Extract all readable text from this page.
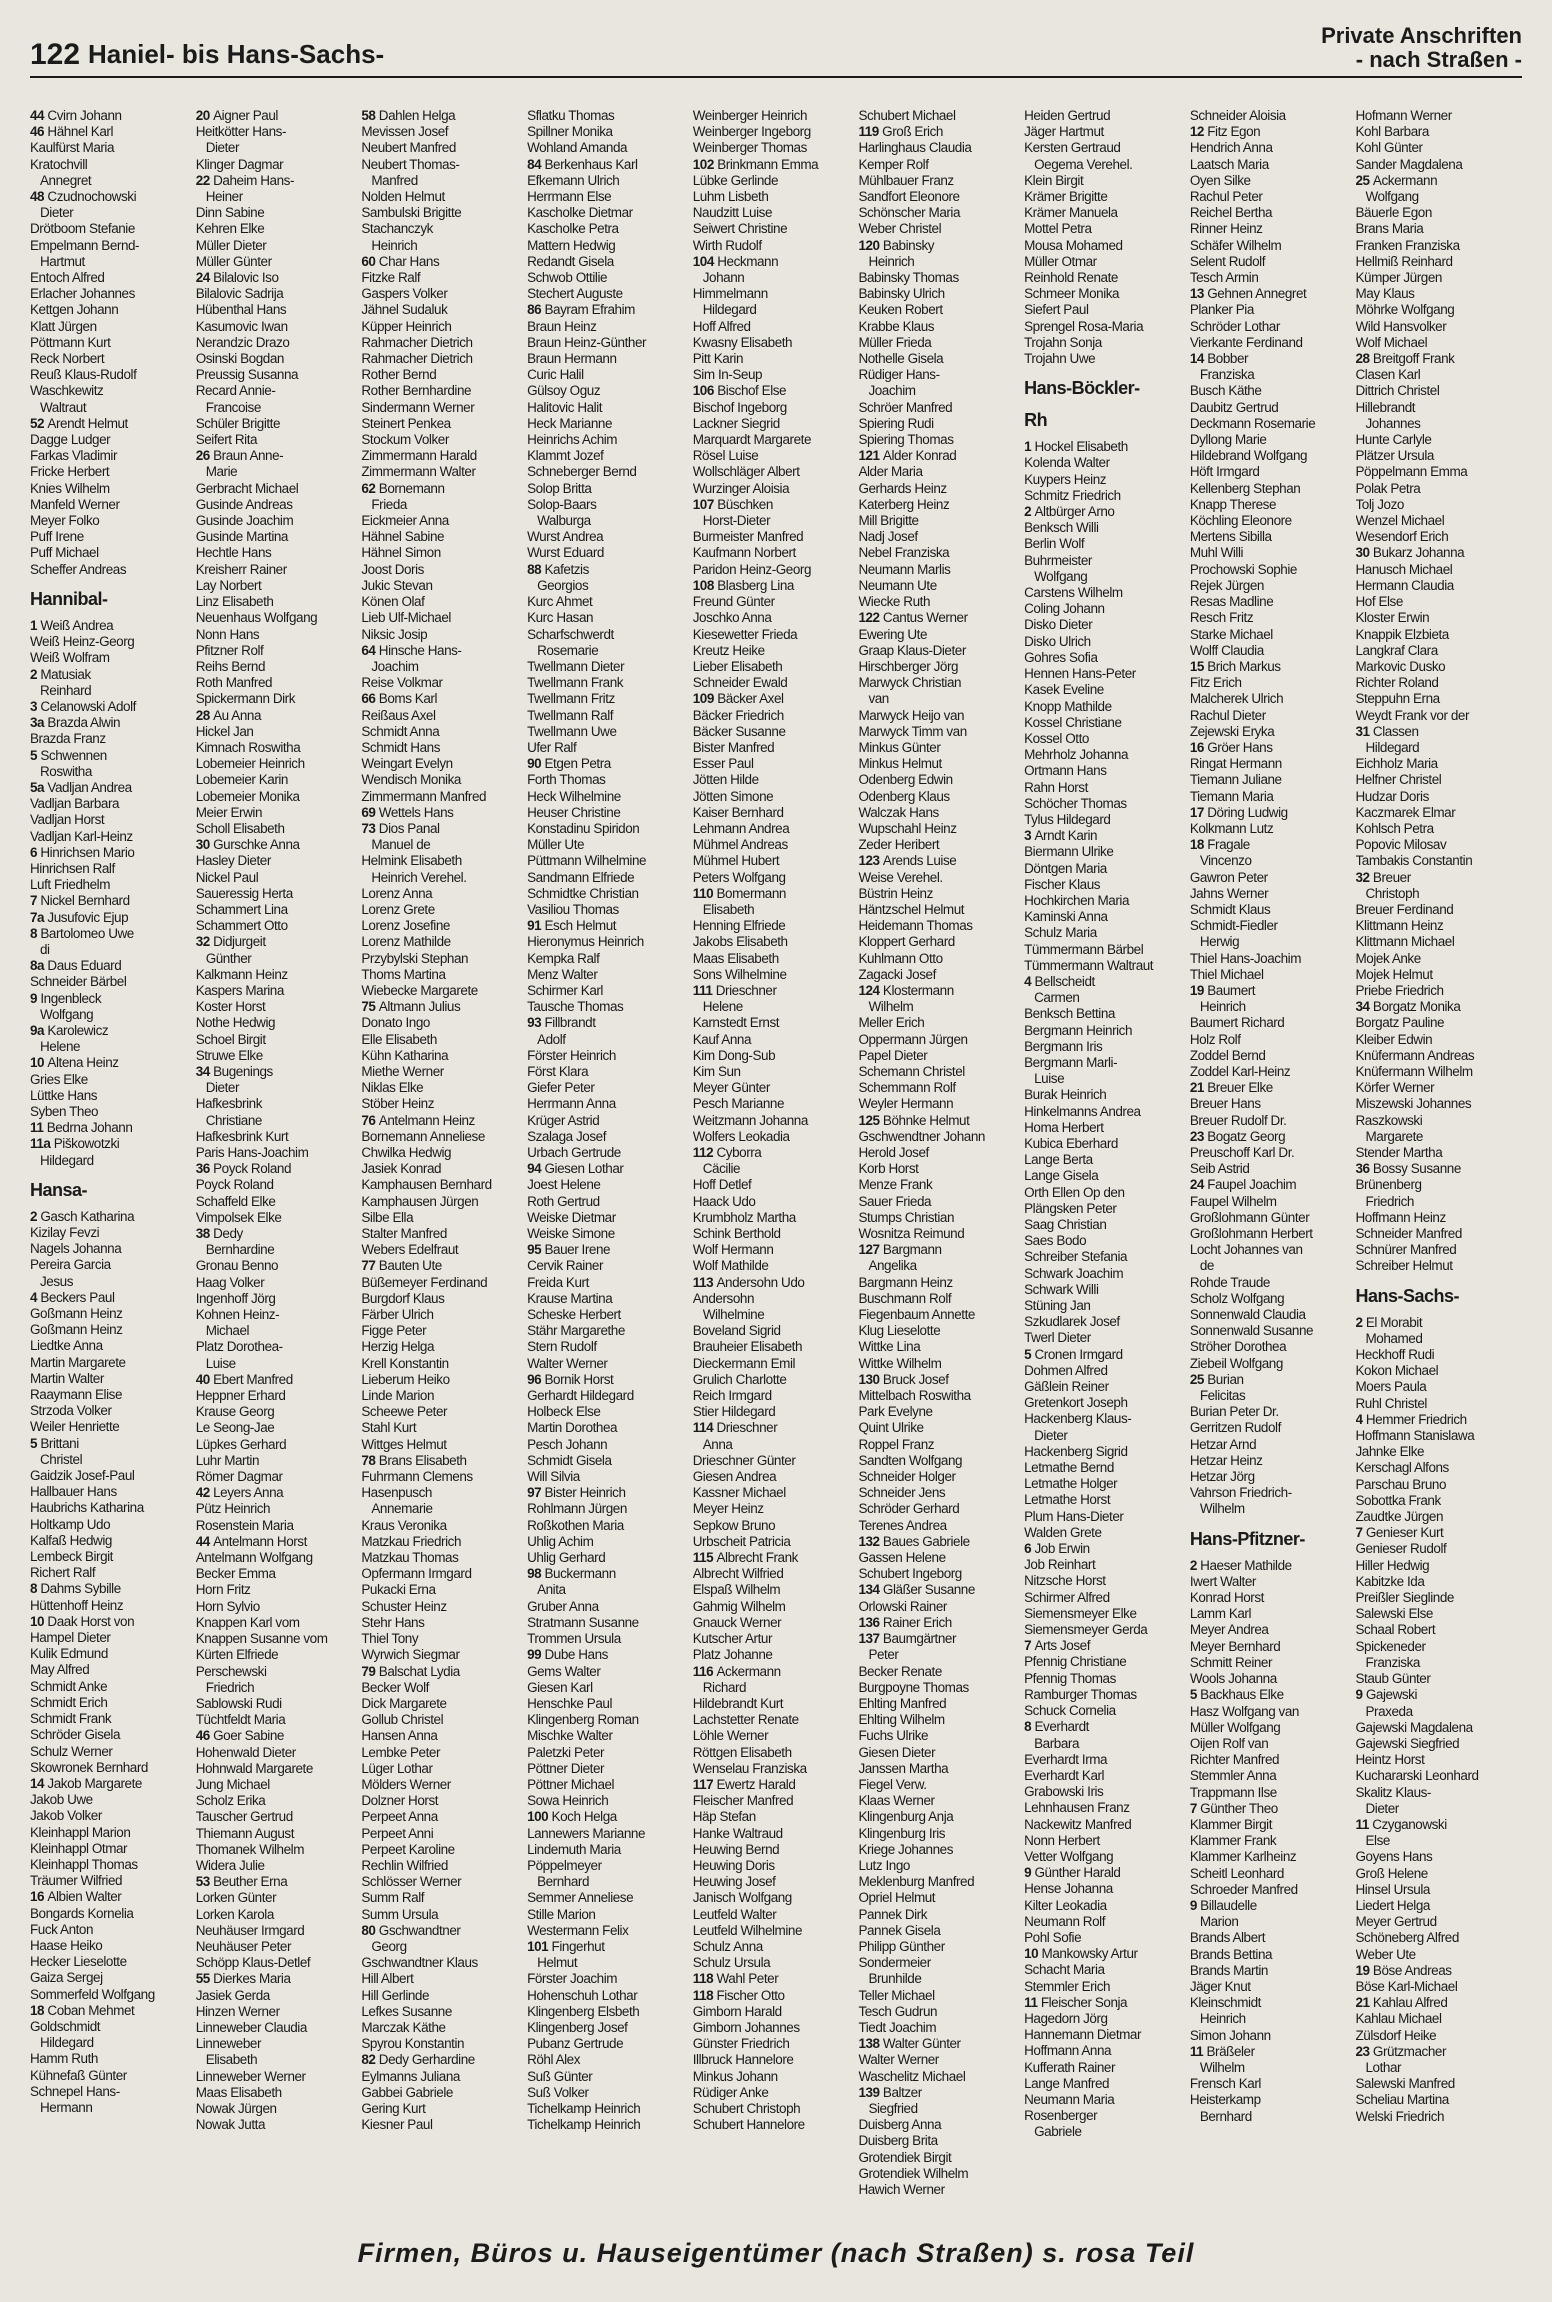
122 Haniel- bis Hans-Sachs-
Private Anschriften
- nach Straßen -
44 Cvirn Johann
46 Hähnel Karl
Kaulfürst Maria
Kratochvill
Annegret
48 Czudnochowski
Dieter
Drötboom Stefanie
Empelmann Bernd-
Hartmut
Entoch Alfred
Erlacher Johannes
Kettgen Johann
Klatt Jürgen
Pöttmann Kurt
Reck Norbert
Reuß Klaus-Rudolf
Waschkewitz
Waltraut
52 Arendt Helmut
Dagge Ludger
Farkas Vladimir
Fricke Herbert
Knies Wilhelm
Manfeld Werner
Meyer Folko
Puff Irene
Puff Michael
Scheffer Andreas
Hannibal-
1 Weiß Andrea
Weiß Heinz-Georg
Weiß Wolfram
2 Matusiak
Reinhard
3 Celanowski Adolf
3a Brazda Alwin
Brazda Franz
5 Schwennen
Roswitha
5a Vadljan Andrea
Vadljan Barbara
Vadljan Horst
Vadljan Karl-Heinz
6 Hinrichsen Mario
Hinrichsen Ralf
Luft Friedhelm
7 Nickel Bernhard
7a Jusufovic Ejup
8 Bartolomeo Uwe
di
8a Daus Eduard
Schneider Bärbel
9 Ingenbleck
Wolfgang
9a Karolewicz
Helene
10 Altena Heinz
Gries Elke
Lüttke Hans
Syben Theo
11 Bedrna Johann
11a Piškowotzki
Hildegard
Hansa-
2 Gasch Katharina
Kizilay Fevzi
Nagels Johanna
Pereira Garcia
Jesus
4 Beckers Paul
Goßmann Heinz
Goßmann Heinz
Liedtke Anna
Martin Margarete
Martin Walter
Raaymann Elise
Strzoda Volker
Weiler Henriette
5 Brittani
Christel
Gaidzik Josef-Paul
Hallbauer Hans
Haubrichs Katharina
Holtkamp Udo
Kalfaß Hedwig
Lembeck Birgit
Richert Ralf
8 Dahms Sybille
Hüttenhoff Heinz
10 Daak Horst von
Hampel Dieter
Kulik Edmund
May Alfred
Schmidt Anke
Schmidt Erich
Schmidt Frank
Schröder Gisela
Schulz Werner
Skowronek Bernhard
14 Jakob Margarete
Jakob Uwe
Jakob Volker
Kleinhappl Marion
Kleinhappl Otmar
Kleinhappl Thomas
Träumer Wilfried
16 Albien Walter
Bongards Kornelia
Fuck Anton
Haase Heiko
Hecker Lieselotte
Gaiza Sergej
Sommerfeld Wolfgang
18 Coban Mehmet
Goldschmidt
Hildegard
Hamm Ruth
Kühnefaß Günter
Schnepel Hans-
Hermann
20 Aigner Paul
Heitkötter Hans-
Dieter
Klinger Dagmar
22 Daheim Hans-
Heiner
Dinn Sabine
Kehren Elke
Müller Dieter
Müller Günter
24 Bilalovic Iso
Bilalovic Sadrija
Hübenthal Hans
Kasumovic Iwan
Nerandzic Drazo
Osinski Bogdan
Preussig Susanna
Recard Annie-
Francoise
Schüler Brigitte
Seifert Rita
26 Braun Anne-
Marie
Gerbracht Michael
Gusinde Andreas
Gusinde Joachim
Gusinde Martina
Hechtle Hans
Kreisherr Rainer
Lay Norbert
Linz Elisabeth
Neuenhaus Wolfgang
Nonn Hans
Pfitzner Rolf
Reihs Bernd
Roth Manfred
Spickermann Dirk
28 Au Anna
Hickel Jan
Kimnach Roswitha
Lobemeier Heinrich
Lobemeier Karin
Lobemeier Monika
Meier Erwin
Scholl Elisabeth
30 Gurschke Anna
Hasley Dieter
Nickel Paul
Saueressig Herta
Schammert Lina
Schammert Otto
32 Didjurgeit
Günther
Kalkmann Heinz
Kaspers Marina
Koster Horst
Nothe Hedwig
Schoel Birgit
Struwe Elke
34 Bugenings
Dieter
Hafkesbrink
Christiane
Hafkesbrink Kurt
Paris Hans-Joachim
36 Poyck Roland
Poyck Roland
Schaffeld Elke
Vimpolsek Elke
38 Dedy
Bernhardine
Gronau Benno
Haag Volker
Ingenhoff Jörg
Kohnen Heinz-
Michael
Platz Dorothea-
Luise
40 Ebert Manfred
Heppner Erhard
Krause Georg
Le Seong-Jae
Lüpkes Gerhard
Luhr Martin
Römer Dagmar
42 Leyers Anna
Pütz Heinrich
Rosenstein Maria
44 Antelmann Horst
Antelmann Wolfgang
Becker Emma
Horn Fritz
Horn Sylvio
Knappen Karl vom
Knappen Susanne vom
Kürten Elfriede
Perschewski
Friedrich
Sablowski Rudi
Tüchtfeldt Maria
46 Goer Sabine
Hohenwald Dieter
Hohnwald Margarete
Jung Michael
Scholz Erika
Tauscher Gertrud
Thiemann August
Thomanek Wilhelm
Widera Julie
53 Beuther Erna
Lorken Günter
Lorken Karola
Neuhäuser Irmgard
Neuhäuser Peter
Schöpp Klaus-Detlef
55 Dierkes Maria
Jasiek Gerda
Hinzen Werner
Linneweber Claudia
Linneweber
Elisabeth
Linneweber Werner
Maas Elisabeth
Nowak Jürgen
Nowak Jutta
58 Dahlen Helga
Mevissen Josef
Neubert Manfred
Neubert Thomas-
Manfred
Nolden Helmut
Sambulski Brigitte
Stachanczyk
Heinrich
60 Char Hans
Fitzke Ralf
Gaspers Volker
Jähnel Sudaluk
Küpper Heinrich
Rahmacher Dietrich
Rahmacher Dietrich
Rother Bernd
Rother Bernhardine
Sindermann Werner
Steinert Penkea
Stockum Volker
Zimmermann Harald
Zimmermann Walter
62 Bornemann
Frieda
Eickmeier Anna
Hähnel Sabine
Hähnel Simon
Joost Doris
Jukic Stevan
Könen Olaf
Lieb Ulf-Michael
Niksic Josip
64 Hinsche Hans-
Joachim
Reise Volkmar
66 Boms Karl
Reißaus Axel
Schmidt Anna
Schmidt Hans
Weingart Evelyn
Wendisch Monika
Zimmermann Manfred
69 Wettels Hans
73 Dios Panal
Manuel de
Helmink Elisabeth
Heinrich Verehel.
Lorenz Anna
Lorenz Grete
Lorenz Josefine
Lorenz Mathilde
Przybylski Stephan
Thoms Martina
Wiebecke Margarete
75 Altmann Julius
Donato Ingo
Elle Elisabeth
Kühn Katharina
Miethe Werner
Niklas Elke
Stöber Heinz
76 Antelmann Heinz
Bornemann Anneliese
Chwilka Hedwig
Jasiek Konrad
Kamphausen Bernhard
Kamphausen Jürgen
Silbe Ella
Stalter Manfred
Webers Edelfraut
77 Bauten Ute
Büßemeyer Ferdinand
Burgdorf Klaus
Färber Ulrich
Figge Peter
Herzig Helga
Krell Konstantin
Lieberum Heiko
Linde Marion
Scheewe Peter
Stahl Kurt
Wittges Helmut
78 Brans Elisabeth
Fuhrmann Clemens
Hasenpusch
Annemarie
Kraus Veronika
Matzkau Friedrich
Matzkau Thomas
Opfermann Irmgard
Pukacki Erna
Schuster Heinz
Stehr Hans
Thiel Tony
Wyrwich Siegmar
79 Balschat Lydia
Becker Wolf
Dick Margarete
Gollub Christel
Hansen Anna
Lembke Peter
Lüger Lothar
Mölders Werner
Dolzner Horst
Perpeet Anna
Perpeet Anni
Perpeet Karoline
Rechlin Wilfried
Schlösser Werner
Summ Ralf
Summ Ursula
80 Gschwandtner
Georg
Gschwandtner Klaus
Hill Albert
Hill Gerlinde
Lefkes Susanne
Marczak Käthe
Spyrou Konstantin
82 Dedy Gerhardine
Eylmanns Juliana
Gabbei Gabriele
Gering Kurt
Kiesner Paul
Sflatku Thomas
Spillner Monika
Wohland Amanda
84 Berkenhaus Karl
Efkemann Ulrich
Herrmann Else
Kascholke Dietmar
Kascholke Petra
Mattern Hedwig
Redandt Gisela
Schwob Ottilie
Stechert Auguste
86 Bayram Efrahim
Braun Heinz
Braun Heinz-Günther
Braun Hermann
Curic Halil
Gülsoy Oguz
Halitovic Halit
Heck Marianne
Heinrichs Achim
Klammt Jozef
Schneberger Bernd
Solop Britta
Solop-Baars
Walburga
Wurst Andrea
Wurst Eduard
88 Kafetzis
Georgios
Kurc Ahmet
Kurc Hasan
Scharfschwerdt
Rosemarie
Twellmann Dieter
Twellmann Frank
Twellmann Fritz
Twellmann Ralf
Twellmann Uwe
Ufer Ralf
90 Etgen Petra
Forth Thomas
Heck Wilhelmine
Heuser Christine
Konstadinu Spiridon
Müller Ute
Püttmann Wilhelmine
Sandmann Elfriede
Schmidtke Christian
Vasiliou Thomas
91 Esch Helmut
Hieronymus Heinrich
Kempka Ralf
Menz Walter
Schirmer Karl
Tausche Thomas
93 Fillbrandt
Adolf
Förster Heinrich
Först Klara
Giefer Peter
Herrmann Anna
Krüger Astrid
Szalaga Josef
Urbach Gertrude
94 Giesen Lothar
Joest Helene
Roth Gertrud
Weiske Dietmar
Weiske Simone
95 Bauer Irene
Cervik Rainer
Freida Kurt
Krause Martina
Scheske Herbert
Stähr Margarethe
Stern Rudolf
Walter Werner
96 Bornik Horst
Gerhardt Hildegard
Holbeck Else
Martin Dorothea
Pesch Johann
Schmidt Gisela
Will Silvia
97 Bister Heinrich
Rohlmann Jürgen
Roßkothen Maria
Uhlig Achim
Uhlig Gerhard
98 Buckermann
Anita
Gruber Anna
Stratmann Susanne
Trommen Ursula
99 Dube Hans
Gems Walter
Giesen Karl
Henschke Paul
Klingenberg Roman
Mischke Walter
Paletzki Peter
Pöttner Dieter
Pöttner Michael
Sowa Heinrich
100 Koch Helga
Lannewers Marianne
Lindemuth Maria
Pöppelmeyer
Bernhard
Semmer Anneliese
Stille Marion
Westermann Felix
101 Fingerhut
Helmut
Förster Joachim
Hohenschuh Lothar
Klingenberg Elsbeth
Klingenberg Josef
Pubanz Gertrude
Röhl Alex
Suß Günter
Suß Volker
Tichelkamp Heinrich
Tichelkamp Heinrich
Weinberger Heinrich
Weinberger Ingeborg
Weinberger Thomas
102 Brinkmann Emma
Lübke Gerlinde
Luhm Lisbeth
Naudzitt Luise
Seiwert Christine
Wirth Rudolf
104 Heckmann
Johann
Himmelmann
Hildegard
Hoff Alfred
Kwasny Elisabeth
Pitt Karin
Sim In-Seup
106 Bischof Else
Bischof Ingeborg
Lackner Siegrid
Marquardt Margarete
Rösel Luise
Wollschläger Albert
Wurzinger Aloisia
107 Büschken
Horst-Dieter
Burmeister Manfred
Kaufmann Norbert
Paridon Heinz-Georg
108 Blasberg Lina
Freund Günter
Joschko Anna
Kiesewetter Frieda
Kreutz Heike
Lieber Elisabeth
Schneider Ewald
109 Bäcker Axel
Bäcker Friedrich
Bäcker Susanne
Bister Manfred
Esser Paul
Jötten Hilde
Jötten Simone
Kaiser Bernhard
Lehmann Andrea
Mühmel Andreas
Mühmel Hubert
Peters Wolfgang
110 Bomermann
Elisabeth
Henning Elfriede
Jakobs Elisabeth
Maas Elisabeth
Sons Wilhelmine
111 Drieschner
Helene
Karnstedt Ernst
Kauf Anna
Kim Dong-Sub
Kim Sun
Meyer Günter
Pesch Marianne
Weitzmann Johanna
Wolfers Leokadia
112 Cyborra
Cäcilie
Hoff Detlef
Haack Udo
Krumbholz Martha
Schink Berthold
Wolf Hermann
Wolf Mathilde
113 Andersohn Udo
Andersohn
Wilhelmine
Boveland Sigrid
Brauheier Elisabeth
Dieckermann Emil
Grulich Charlotte
Reich Irmgard
Stier Hildegard
114 Drieschner
Anna
Drieschner Günter
Giesen Andrea
Kassner Michael
Meyer Heinz
Sepkow Bruno
Urbscheit Patricia
115 Albrecht Frank
Albrecht Wilfried
Elspaß Wilhelm
Gahmig Wilhelm
Gnauck Werner
Kutscher Artur
Platz Johanne
116 Ackermann
Richard
Hildebrandt Kurt
Lachstetter Renate
Löhle Werner
Röttgen Elisabeth
Wenselau Franziska
117 Ewertz Harald
Fleischer Manfred
Häp Stefan
Hanke Waltraud
Heuwing Bernd
Heuwing Doris
Heuwing Josef
Janisch Wolfgang
Leutfeld Walter
Leutfeld Wilhelmine
Schulz Anna
Schulz Ursula
118 Wahl Peter
118 Fischer Otto
Gimborn Harald
Gimborn Johannes
Günster Friedrich
Illbruck Hannelore
Minkus Johann
Rüdiger Anke
Schubert Christoph
Schubert Hannelore
Schubert Michael
119 Groß Erich
Harlinghaus Claudia
Kemper Rolf
Mühlbauer Franz
Sandfort Eleonore
Schönscher Maria
Weber Christel
120 Babinsky
Heinrich
Babinsky Thomas
Babinsky Ulrich
Keuken Robert
Krabbe Klaus
Müller Frieda
Nothelle Gisela
Rüdiger Hans-
Joachim
Schröer Manfred
Spiering Rudi
Spiering Thomas
121 Alder Konrad
Alder Maria
Gerhards Heinz
Katerberg Heinz
Mill Brigitte
Nadj Josef
Nebel Franziska
Neumann Marlis
Neumann Ute
Wiecke Ruth
122 Cantus Werner
Ewering Ute
Graap Klaus-Dieter
Hirschberger Jörg
Marwyck Christian
van
Marwyck Heijo van
Marwyck Timm van
Minkus Günter
Minkus Helmut
Odenberg Edwin
Odenberg Klaus
Walczak Hans
Wupschahl Heinz
Zeder Heribert
123 Arends Luise
Weise Verehel.
Büstrin Heinz
Häntzschel Helmut
Heidemann Thomas
Kloppert Gerhard
Kuhlmann Otto
Zagacki Josef
124 Klostermann
Wilhelm
Meller Erich
Oppermann Jürgen
Papel Dieter
Schemann Christel
Schemmann Rolf
Weyler Hermann
125 Böhnke Helmut
Gschwendtner Johann
Herold Josef
Korb Horst
Menze Frank
Sauer Frieda
Stumps Christian
Wosnitza Reimund
127 Bargmann
Angelika
Bargmann Heinz
Buschmann Rolf
Fiegenbaum Annette
Klug Lieselotte
Wittke Lina
Wittke Wilhelm
130 Bruck Josef
Mittelbach Roswitha
Park Evelyne
Quint Ulrike
Roppel Franz
Sandten Wolfgang
Schneider Holger
Schneider Jens
Schröder Gerhard
Terenes Andrea
132 Baues Gabriele
Gassen Helene
Schubert Ingeborg
134 Gläßer Susanne
Orlowski Rainer
136 Rainer Erich
137 Baumgärtner
Peter
Becker Renate
Burgpoyne Thomas
Ehlting Manfred
Ehlting Wilhelm
Fuchs Ulrike
Giesen Dieter
Janssen Martha
Fiegel Verw.
Klaas Werner
Klingenburg Anja
Klingenburg Iris
Kriege Johannes
Lutz Ingo
Meklenburg Manfred
Opriel Helmut
Pannek Dirk
Pannek Gisela
Philipp Günther
Sondermeier
Brunhilde
Teller Michael
Tesch Gudrun
Tiedt Joachim
138 Walter Günter
Walter Werner
Waschelitz Michael
139 Baltzer
Siegfried
Duisberg Anna
Duisberg Brita
Grotendiek Birgit
Grotendiek Wilhelm
Hawich Werner
Heiden Gertrud
Jäger Hartmut
Kersten Gertraud
Oegema Verehel.
Klein Birgit
Krämer Brigitte
Krämer Manuela
Mottel Petra
Mousa Mohamed
Müller Otmar
Reinhold Renate
Schmeer Monika
Siefert Paul
Sprengel Rosa-Maria
Trojahn Sonja
Trojahn Uwe
Hans-Böckler-
Rh
1 Hockel Elisabeth
Kolenda Walter
Kuypers Heinz
Schmitz Friedrich
2 Altbürger Arno
Benksch Willi
Berlin Wolf
Buhrmeister
Wolfgang
Carstens Wilhelm
Coling Johann
Disko Dieter
Disko Ulrich
Gohres Sofia
Hennen Hans-Peter
Kasek Eveline
Knopp Mathilde
Kossel Christiane
Kossel Otto
Mehrholz Johanna
Ortmann Hans
Rahn Horst
Schöcher Thomas
Tylus Hildegard
3 Arndt Karin
Biermann Ulrike
Döntgen Maria
Fischer Klaus
Hochkirchen Maria
Kaminski Anna
Schulz Maria
Tümmermann Bärbel
Tümmermann Waltraut
4 Bellscheidt
Carmen
Benksch Bettina
Bergmann Heinrich
Bergmann Iris
Bergmann Marli-
Luise
Burak Heinrich
Hinkelmanns Andrea
Homa Herbert
Kubica Eberhard
Lange Berta
Lange Gisela
Orth Ellen Op den
Plängsken Peter
Saag Christian
Saes Bodo
Schreiber Stefania
Schwark Joachim
Schwark Willi
Stüning Jan
Szkudlarek Josef
Twerl Dieter
5 Cronen Irmgard
Dohmen Alfred
Gäßlein Reiner
Gretenkort Joseph
Hackenberg Klaus-
Dieter
Hackenberg Sigrid
Letmathe Bernd
Letmathe Holger
Letmathe Horst
Plum Hans-Dieter
Walden Grete
6 Job Erwin
Job Reinhart
Nitzsche Horst
Schirmer Alfred
Siemensmeyer Elke
Siemensmeyer Gerda
7 Arts Josef
Pfennig Christiane
Pfennig Thomas
Ramburger Thomas
Schuck Cornelia
8 Everhardt
Barbara
Everhardt Irma
Everhardt Karl
Grabowski Iris
Lehnhausen Franz
Nackewitz Manfred
Nonn Herbert
Vetter Wolfgang
9 Günther Harald
Hense Johanna
Kilter Leokadia
Neumann Rolf
Pohl Sofie
10 Mankowsky Artur
Schacht Maria
Stemmler Erich
11 Fleischer Sonja
Hagedorn Jörg
Hannemann Dietmar
Hoffmann Anna
Kufferath Rainer
Lange Manfred
Neumann Maria
Rosenberger
Gabriele
Schneider Aloisia
12 Fitz Egon
Hendrich Anna
Laatsch Maria
Oyen Silke
Rachul Peter
Reichel Bertha
Rinner Heinz
Schäfer Wilhelm
Selent Rudolf
Tesch Armin
13 Gehnen Annegret
Planker Pia
Schröder Lothar
Vierkante Ferdinand
14 Bobber
Franziska
Busch Käthe
Daubitz Gertrud
Deckmann Rosemarie
Dyllong Marie
Hildebrand Wolfgang
Höft Irmgard
Kellenberg Stephan
Knapp Therese
Köchling Eleonore
Mertens Sibilla
Muhl Willi
Prochowski Sophie
Rejek Jürgen
Resas Madline
Resch Fritz
Starke Michael
Wolff Claudia
15 Brich Markus
Fitz Erich
Malcherek Ulrich
Rachul Dieter
Zejewski Eryka
16 Gröer Hans
Ringat Hermann
Tiemann Juliane
Tiemann Maria
17 Döring Ludwig
Kolkmann Lutz
18 Fragale
Vincenzo
Gawron Peter
Jahns Werner
Schmidt Klaus
Schmidt-Fiedler
Herwig
Thiel Hans-Joachim
Thiel Michael
19 Baumert
Heinrich
Baumert Richard
Holz Rolf
Zoddel Bernd
Zoddel Karl-Heinz
21 Breuer Elke
Breuer Hans
Breuer Rudolf Dr.
23 Bogatz Georg
Preuschoff Karl Dr.
Seib Astrid
24 Faupel Joachim
Faupel Wilhelm
Großlohmann Günter
Großlohmann Herbert
Locht Johannes van
de
Rohde Traude
Scholz Wolfgang
Sonnenwald Claudia
Sonnenwald Susanne
Ströher Dorothea
Ziebeil Wolfgang
25 Burian
Felicitas
Burian Peter Dr.
Gerritzen Rudolf
Hetzar Arnd
Hetzar Heinz
Hetzar Jörg
Vahrson Friedrich-
Wilhelm
Hans-Pfitzner-
2 Haeser Mathilde
Iwert Walter
Konrad Horst
Lamm Karl
Meyer Andrea
Meyer Bernhard
Schmitt Reiner
Wools Johanna
5 Backhaus Elke
Hasz Wolfgang van
Müller Wolfgang
Oijen Rolf van
Richter Manfred
Stemmler Anna
Trappmann Ilse
7 Günther Theo
Klammer Birgit
Klammer Frank
Klammer Karlheinz
Scheitl Leonhard
Schroeder Manfred
9 Billaudelle
Marion
Brands Albert
Brands Bettina
Brands Martin
Jäger Knut
Kleinschmidt
Heinrich
Simon Johann
11 Bräßeler
Wilhelm
Frensch Karl
Heisterkamp
Bernhard
Hofmann Werner
Kohl Barbara
Kohl Günter
Sander Magdalena
25 Ackermann
Wolfgang
Bäuerle Egon
Brans Maria
Franken Franziska
Hellmiß Reinhard
Kümper Jürgen
May Klaus
Möhrke Wolfgang
Wild Hansvolker
Wolf Michael
28 Breitgoff Frank
Clasen Karl
Dittrich Christel
Hillebrandt
Johannes
Hunte Carlyle
Plätzer Ursula
Pöppelmann Emma
Polak Petra
Tolj Jozo
Wenzel Michael
Wesendorf Erich
30 Bukarz Johanna
Hanusch Michael
Hermann Claudia
Hof Else
Kloster Erwin
Knappik Elzbieta
Langkraf Clara
Markovic Dusko
Richter Roland
Steppuhn Erna
Weydt Frank vor der
31 Classen
Hildegard
Eichholz Maria
Helfner Christel
Hudzar Doris
Kaczmarek Elmar
Kohlsch Petra
Popovic Milosav
Tambakis Constantin
32 Breuer
Christoph
Breuer Ferdinand
Klittmann Heinz
Klittmann Michael
Mojek Anke
Mojek Helmut
Priebe Friedrich
34 Borgatz Monika
Borgatz Pauline
Kleiber Edwin
Knüfermann Andreas
Knüfermann Wilhelm
Körfer Werner
Miszewski Johannes
Raszkowski
Margarete
Stender Martha
36 Bossy Susanne
Brünenberg
Friedrich
Hoffmann Heinz
Schneider Manfred
Schnürer Manfred
Schreiber Helmut
Hans-Sachs-
2 El Morabit
Mohamed
Heckhoff Rudi
Kokon Michael
Moers Paula
Ruhl Christel
4 Hemmer Friedrich
Hoffmann Stanislawa
Jahnke Elke
Kerschagl Alfons
Parschau Bruno
Sobottka Frank
Zaudtke Jürgen
7 Genieser Kurt
Genieser Rudolf
Hiller Hedwig
Kabitzke Ida
Preißler Sieglinde
Salewski Else
Schaal Robert
Spickeneder
Franziska
Staub Günter
9 Gajewski
Praxeda
Gajewski Magdalena
Gajewski Siegfried
Heintz Horst
Kuchararski Leonhard
Skalitz Klaus-
Dieter
11 Czyganowski
Else
Goyens Hans
Groß Helene
Hinsel Ursula
Liedert Helga
Meyer Gertrud
Schöneberg Alfred
Weber Ute
19 Böse Andreas
Böse Karl-Michael
21 Kahlau Alfred
Kahlau Michael
Zülsdorf Heike
23 Grützmacher
Lothar
Salewski Manfred
Scheliau Martina
Welski Friedrich
Firmen, Büros u. Hauseigentümer (nach Straßen) s. rosa Teil
